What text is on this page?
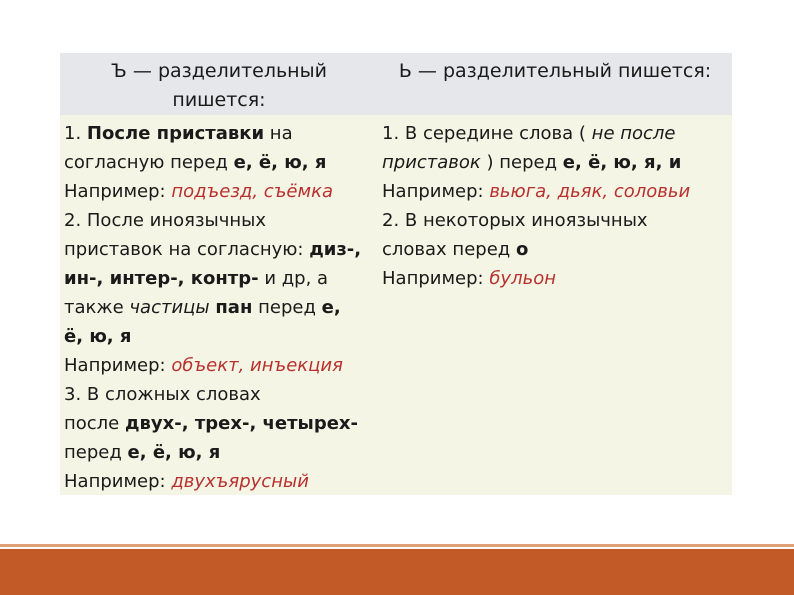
Ъ — разделительный
пишется:
Ь — разделительный пишется:
1. После приставки на
согласную перед е, ё, ю, я
Например: подъезд, съёмка
2. После иноязычных
приставок на согласную: диз-,
ин-, интер-, контр- и др, а
также частицы пан перед е,
ё, ю, я
Например: объект, инъекция
3. В сложных словах
после двух-, трех-, четырех-
перед е, ё, ю, я
Например: двухъярусный
1. В середине слова ( не после
приставок ) перед е, ё, ю, я, и
Например: вьюга, дьяк, соловьи
2. В некоторых иноязычных
словах перед о
Например: бульон
